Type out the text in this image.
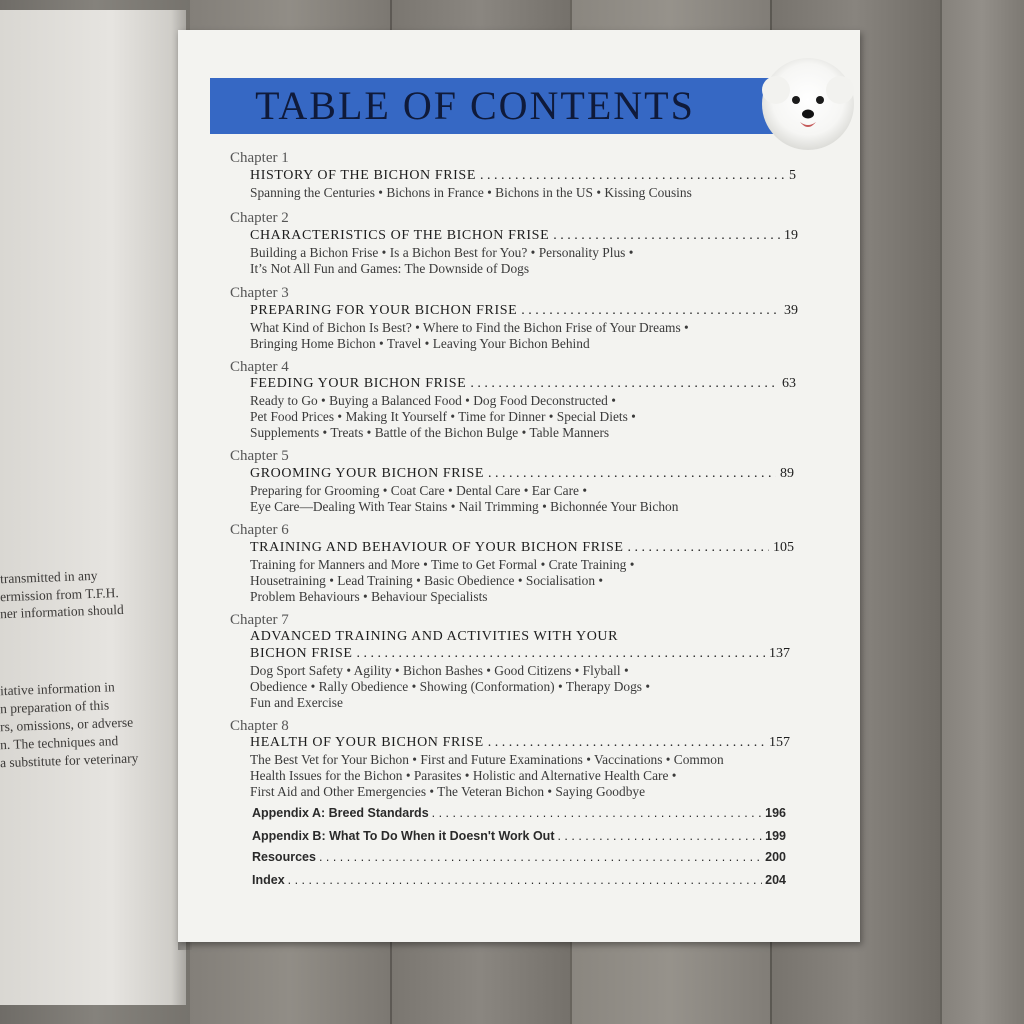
transmitted in any
ermission from T.F.H.
ner information should
itative information in
n preparation of this
rs, omissions, or adverse
n. The techniques and
a substitute for veterinary
TABLE OF CONTENTS
Chapter 1
HISTORY OF THE BICHON FRISE . . .	5
Spanning the Centuries • Bichons in France • Bichons in the US • Kissing Cousins
Chapter 2
CHARACTERISTICS OF THE BICHON FRISE . . .	19
Building a Bichon Frise • Is a Bichon Best for You? • Personality Plus •
It’s Not All Fun and Games: The Downside of Dogs
Chapter 3
PREPARING FOR YOUR BICHON FRISE . . .	39
What Kind of Bichon Is Best? • Where to Find the Bichon Frise of Your Dreams •
Bringing Home Bichon • Travel • Leaving Your Bichon Behind
Chapter 4
FEEDING YOUR BICHON FRISE . . .	63
Ready to Go • Buying a Balanced Food • Dog Food Deconstructed •
Pet Food Prices • Making It Yourself • Time for Dinner • Special Diets •
Supplements • Treats • Battle of the Bichon Bulge • Table Manners
Chapter 5
GROOMING YOUR BICHON FRISE . . .	89
Preparing for Grooming • Coat Care • Dental Care • Ear Care •
Eye Care—Dealing With Tear Stains • Nail Trimming • Bichonnée Your Bichon
Chapter 6
TRAINING AND BEHAVIOUR OF YOUR BICHON FRISE . . .	105
Training for Manners and More • Time to Get Formal • Crate Training •
Housetraining • Lead Training • Basic Obedience • Socialisation •
Problem Behaviours • Behaviour Specialists
Chapter 7
ADVANCED TRAINING AND ACTIVITIES WITH YOUR
BICHON FRISE . . .	137
Dog Sport Safety • Agility • Bichon Bashes • Good Citizens • Flyball •
Obedience • Rally Obedience • Showing (Conformation) • Therapy Dogs •
Fun and Exercise
Chapter 8
HEALTH OF YOUR BICHON FRISE . . .	157
The Best Vet for Your Bichon • First and Future Examinations • Vaccinations • Common
Health Issues for the Bichon • Parasites • Holistic and Alternative Health Care •
First Aid and Other Emergencies • The Veteran Bichon • Saying Goodbye
Appendix A: Breed Standards . . .	196
Appendix B: What To Do When it Doesn't Work Out . . .	199
Resources . . .	200
Index . . .	204
